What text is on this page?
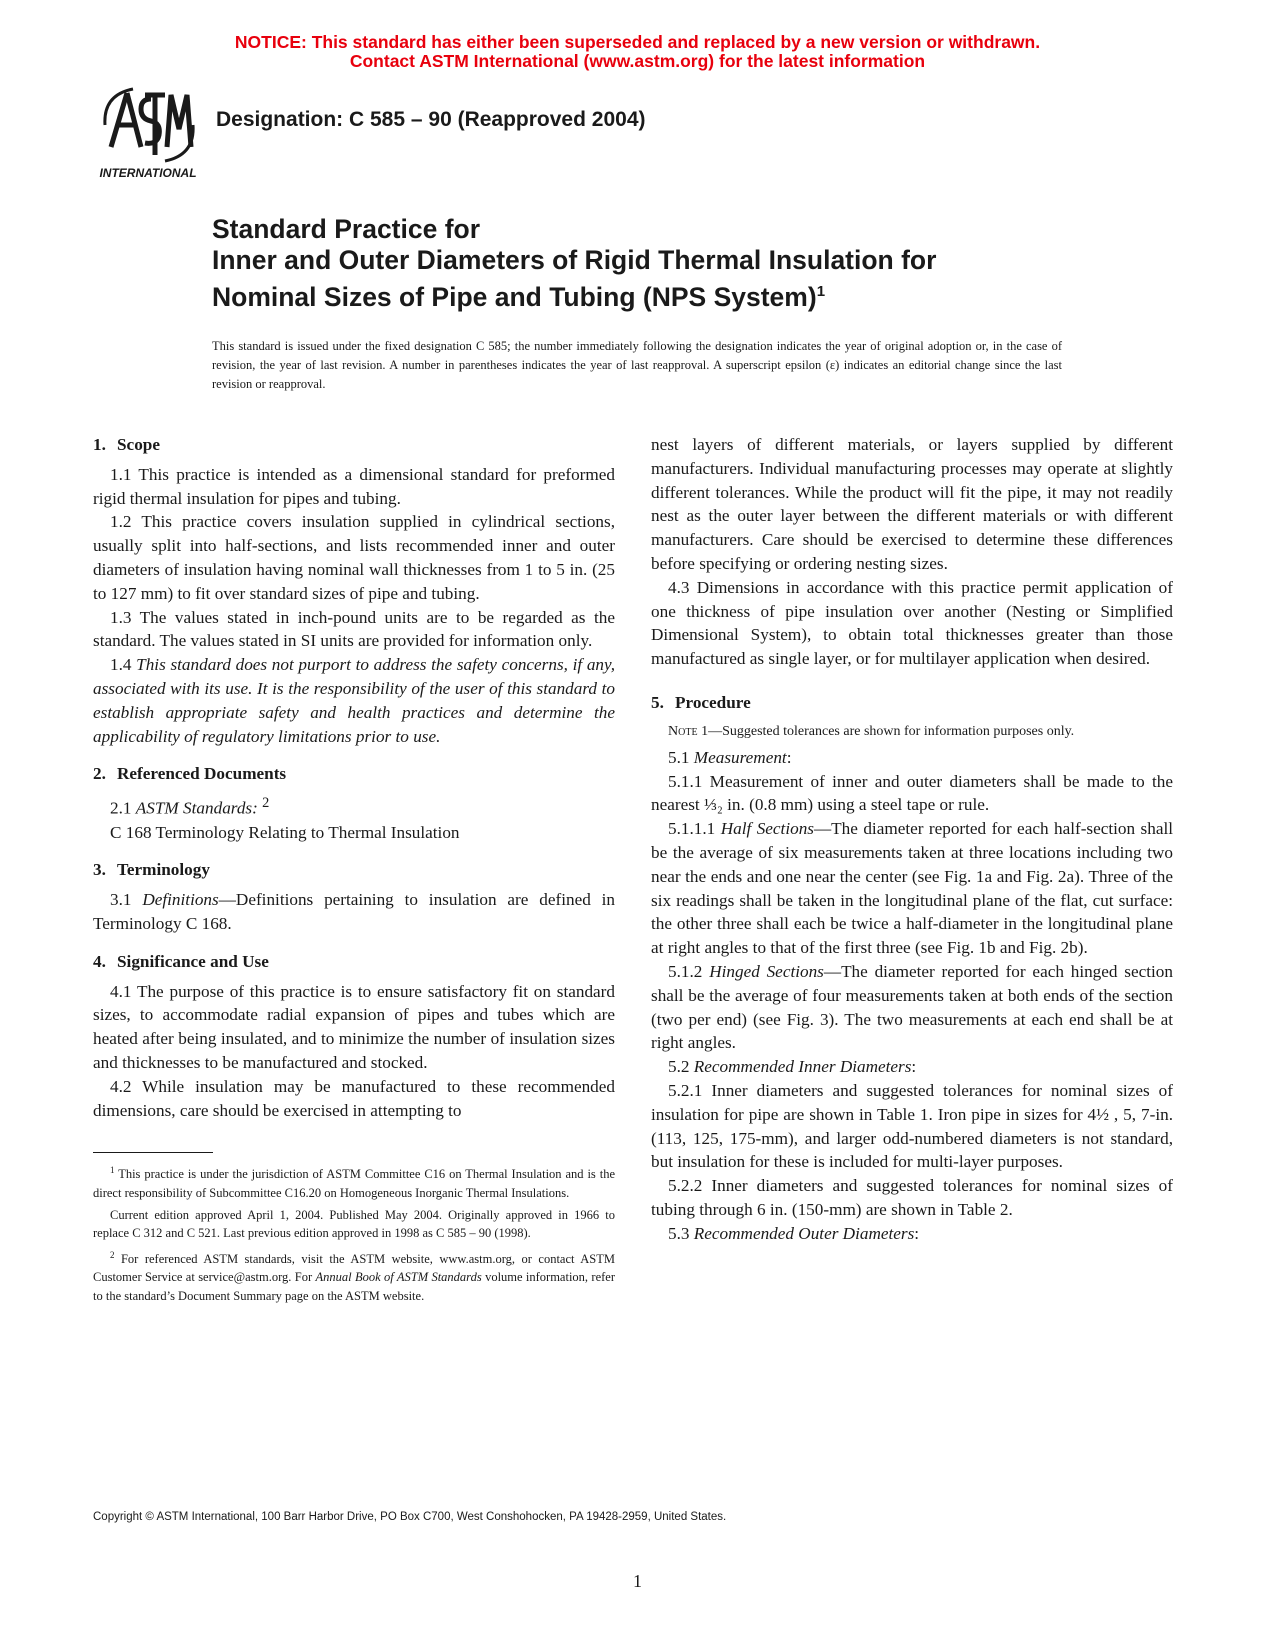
NOTICE: This standard has either been superseded and replaced by a new version or withdrawn.
Contact ASTM International (www.astm.org) for the latest information
INTERNATIONAL
Designation: C 585 – 90 (Reapproved 2004)
Standard Practice for
Inner and Outer Diameters of Rigid Thermal Insulation for
Nominal Sizes of Pipe and Tubing (NPS System)$^1$
This standard is issued under the fixed designation C 585; the number immediately following the designation indicates the year of original adoption or, in the case of revision, the year of last revision. A number in parentheses indicates the year of last reapproval. A superscript epsilon (ε) indicates an editorial change since the last revision or reapproval.

1. Scope

1.1 This practice is intended as a dimensional standard for preformed rigid thermal insulation for pipes and tubing.

1.2 This practice covers insulation supplied in cylindrical sections, usually split into half-sections, and lists recommended inner and outer diameters of insulation having nominal wall thicknesses from 1 to 5 in. (25 to 127 mm) to fit over standard sizes of pipe and tubing.

1.3 The values stated in inch-pound units are to be regarded as the standard. The values stated in SI units are provided for information only.

1.4 This standard does not purport to address the safety concerns, if any, associated with its use. It is the responsibility of the user of this standard to establish appropriate safety and health practices and determine the applicability of regulatory limitations prior to use.

2. Referenced Documents

2.1 ASTM Standards: $^2$

C 168 Terminology Relating to Thermal Insulation

3. Terminology

3.1 Definitions—Definitions pertaining to insulation are defined in Terminology C 168.

4. Significance and Use

4.1 The purpose of this practice is to ensure satisfactory fit on standard sizes, to accommodate radial expansion of pipes and tubes which are heated after being insulated, and to minimize the number of insulation sizes and thicknesses to be manufactured and stocked.

4.2 While insulation may be manufactured to these recommended dimensions, care should be exercised in attempting to

$^1$ This practice is under the jurisdiction of ASTM Committee C16 on Thermal Insulation and is the direct responsibility of Subcommittee C16.20 on Homogeneous Inorganic Thermal Insulations.

Current edition approved April 1, 2004. Published May 2004. Originally approved in 1966 to replace C 312 and C 521. Last previous edition approved in 1998 as C 585 – 90 (1998).

$^2$ For referenced ASTM standards, visit the ASTM website, www.astm.org, or contact ASTM Customer Service at service@astm.org. For Annual Book of ASTM Standards volume information, refer to the standard’s Document Summary page on the ASTM website.

nest layers of different materials, or layers supplied by different manufacturers. Individual manufacturing processes may operate at slightly different tolerances. While the product will fit the pipe, it may not readily nest as the outer layer between the different materials or with different manufacturers. Care should be exercised to determine these differences before specifying or ordering nesting sizes.

4.3 Dimensions in accordance with this practice permit application of one thickness of pipe insulation over another (Nesting or Simplified Dimensional System), to obtain total thicknesses greater than those manufactured as single layer, or for multilayer application when desired.

5. Procedure

Note 1—Suggested tolerances are shown for information purposes only.

5.1 Measurement:

5.1.1 Measurement of inner and outer diameters shall be made to the nearest ⅓₂ in. (0.8 mm) using a steel tape or rule.

5.1.1.1 Half Sections—The diameter reported for each half-section shall be the average of six measurements taken at three locations including two near the ends and one near the center (see Fig. 1a and Fig. 2a). Three of the six readings shall be taken in the longitudinal plane of the flat, cut surface: the other three shall each be twice a half-diameter in the longitudinal plane at right angles to that of the first three (see Fig. 1b and Fig. 2b).

5.1.2 Hinged Sections—The diameter reported for each hinged section shall be the average of four measurements taken at both ends of the section (two per end) (see Fig. 3). The two measurements at each end shall be at right angles.

5.2 Recommended Inner Diameters:

5.2.1 Inner diameters and suggested tolerances for nominal sizes of insulation for pipe are shown in Table 1. Iron pipe in sizes for 4½ , 5, 7-in. (113, 125, 175-mm), and larger odd-numbered diameters is not standard, but insulation for these is included for multi-layer purposes.

5.2.2 Inner diameters and suggested tolerances for nominal sizes of tubing through 6 in. (150-mm) are shown in Table 2.

5.3 Recommended Outer Diameters:

Copyright © ASTM International, 100 Barr Harbor Drive, PO Box C700, West Conshohocken, PA 19428-2959, United States.
1
